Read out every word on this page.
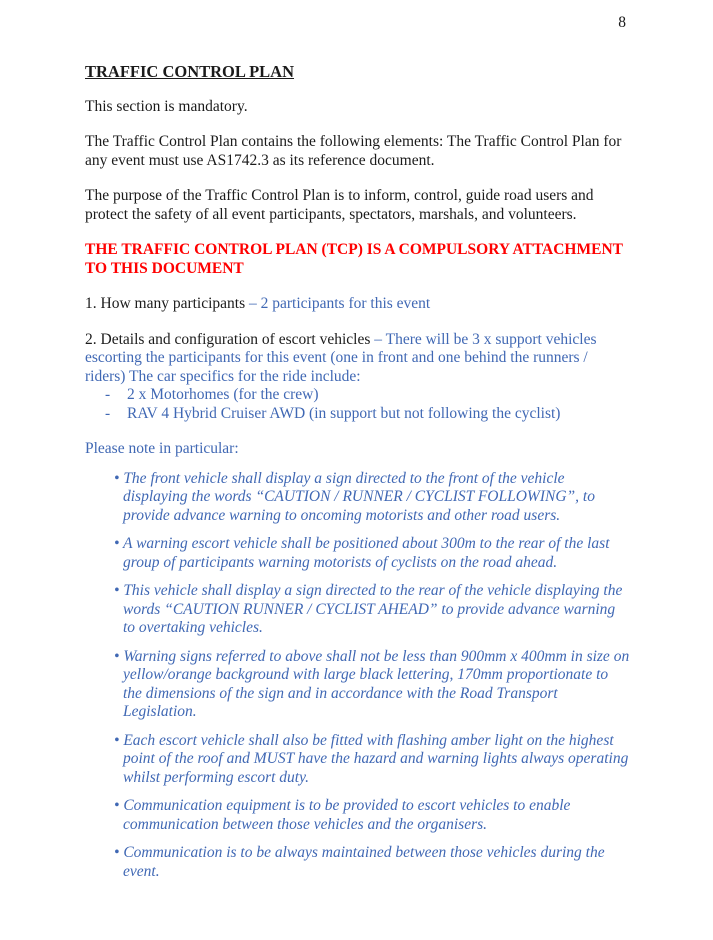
8

TRAFFIC CONTROL PLAN

This section is mandatory.

The Traffic Control Plan contains the following elements: The Traffic Control Plan for any event must use AS1742.3 as its reference document.

The purpose of the Traffic Control Plan is to inform, control, guide road users and protect the safety of all event participants, spectators, marshals, and volunteers.

THE TRAFFIC CONTROL PLAN (TCP) IS A COMPULSORY ATTACHMENT TO THIS DOCUMENT

1. How many participants – 2 participants for this event

2. Details and configuration of escort vehicles – There will be 3 x support vehicles escorting the participants for this event (one in front and one behind the runners / riders) The car specifics for the ride include:

- 2 x Motorhomes (for the crew)
- RAV 4 Hybrid Cruiser AWD (in support but not following the cyclist)

Please note in particular:

• The front vehicle shall display a sign directed to the front of the vehicle displaying the words “CAUTION / RUNNER / CYCLIST FOLLOWING”, to provide advance warning to oncoming motorists and other road users.
• A warning escort vehicle shall be positioned about 300m to the rear of the last group of participants warning motorists of cyclists on the road ahead.
• This vehicle shall display a sign directed to the rear of the vehicle displaying the words “CAUTION RUNNER / CYCLIST AHEAD” to provide advance warning to overtaking vehicles.
• Warning signs referred to above shall not be less than 900mm x 400mm in size on yellow/orange background with large black lettering, 170mm proportionate to the dimensions of the sign and in accordance with the Road Transport Legislation.
• Each escort vehicle shall also be fitted with flashing amber light on the highest point of the roof and MUST have the hazard and warning lights always operating whilst performing escort duty.
• Communication equipment is to be provided to escort vehicles to enable communication between those vehicles and the organisers.
• Communication is to be always maintained between those vehicles during the event.
